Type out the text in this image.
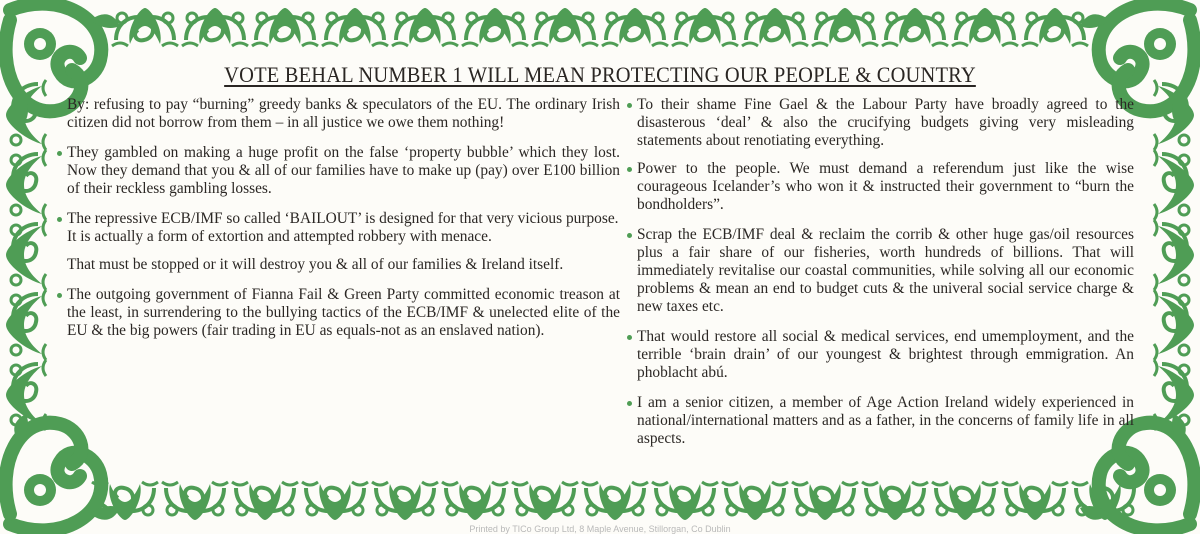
VOTE BEHAL NUMBER 1 WILL MEAN PROTECTING OUR PEOPLE & COUNTRY

By: refusing to pay “burning” greedy banks & speculators of the EU. The ordinary Irish citizen did not borrow from them – in all justice we owe them nothing!

They gambled on making a huge profit on the false ‘property bubble’ which they lost. Now they demand that you & all of our families have to make up (pay) over E100 billion of their reckless gambling losses.

The repressive ECB/IMF so called ‘BAILOUT’ is designed for that very vicious purpose.
It is actually a form of extortion and attempted robbery with menace.

That must be stopped or it will destroy you & all of our families & Ireland itself.

The outgoing government of Fianna Fail & Green Party committed economic treason at the least, in surrendering to the bullying tactics of the ECB/IMF & unelected elite of the EU & the big powers (fair trading in EU as equals-not as an enslaved nation).

To their shame Fine Gael & the Labour Party have broadly agreed to the disasterous ‘deal’ & also the crucifying budgets giving very misleading statements about renotiating everything.

Power to the people. We must demand a referendum just like the wise courageous Icelander’s who won it & instructed their government to “burn the bondholders”.

Scrap the ECB/IMF deal & reclaim the corrib & other huge gas/oil resources plus a fair share of our fisheries, worth hundreds of billions. That will immediately revitalise our coastal communities, while solving all our economic problems & mean an end to budget cuts & the univeral social service charge & new taxes etc.

That would restore all social & medical services, end umemployment, and the terrible ‘brain drain’ of our youngest & brightest through emmigration. An phoblacht abú.

I am a senior citizen, a member of Age Action Ireland widely experienced in national/international matters and as a father, in the concerns of family life in all aspects.

Printed by TICo Group Ltd, 8 Maple Avenue, Stillorgan, Co Dublin
